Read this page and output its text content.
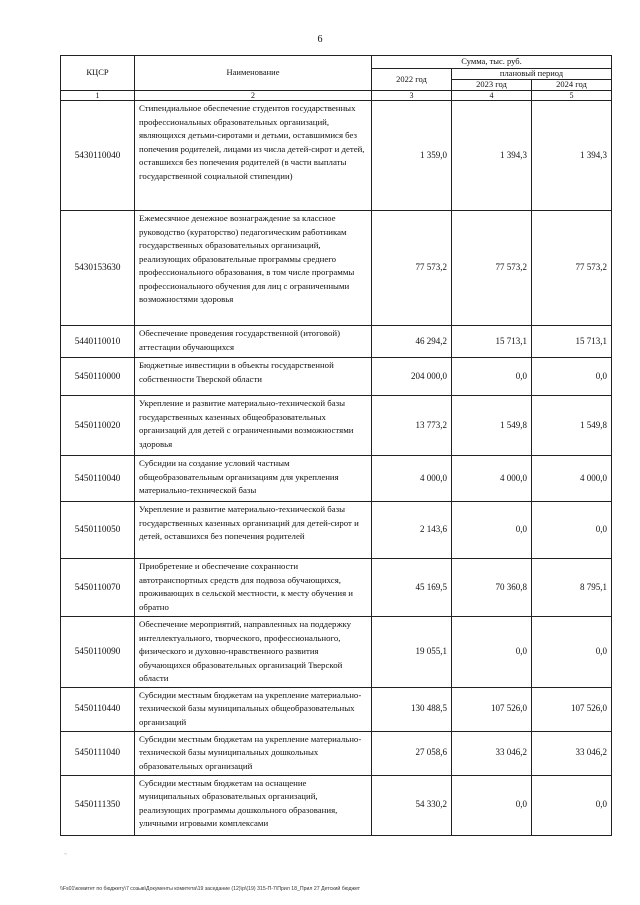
6
КЦСР	Наименование	Сумма, тыс. руб.		
		2022 год	плановый период	
			2023 год	2024 год
1	2	3	4	5
5430110040	Стипендиальное обеспечение студентов государственных профессиональных образовательных организаций, являющихся детьми-сиротами и детьми, оставшимися без попечения родителей, лицами из числа детей-сирот и детей, оставшихся без попечения родителей (в части выплаты государственной социальной стипендии)	1 359,0	1 394,3	1 394,3
5430153630	Ежемесячное денежное вознаграждение за классное руководство (кураторство) педагогическим работникам государственных образовательных организаций, реализующих образовательные программы среднего профессионального образования, в том числе программы профессионального обучения для лиц с ограниченными возможностями здоровья	77 573,2	77 573,2	77 573,2
5440110010	Обеспечение проведения государственной (итоговой) аттестации обучающихся	46 294,2	15 713,1	15 713,1
5450110000	Бюджетные инвестиции в объекты государственной собственности Тверской области	204 000,0	0,0	0,0
5450110020	Укрепление и развитие материально-технической базы государственных казенных общеобразовательных организаций для детей с ограниченными возможностями здоровья	13 773,2	1 549,8	1 549,8
5450110040	Субсидии на создание условий частным общеобразовательным организациям для укрепления материально-технической базы	4 000,0	4 000,0	4 000,0
5450110050	Укрепление и развитие материально-технической базы государственных казенных организаций для детей-сирот и детей, оставшихся без попечения родителей	2 143,6	0,0	0,0
5450110070	Приобретение и обеспечение сохранности автотранспортных средств для подвоза обучающихся, проживающих в сельской местности, к месту обучения и обратно	45 169,5	70 360,8	8 795,1
5450110090	Обеспечение мероприятий, направленных на поддержку интеллектуального, творческого, профессионального, физического и духовно-нравственного развития обучающихся образовательных организаций Тверской области	19 055,1	0,0	0,0
5450110440	Субсидии местным бюджетам на укрепление материально-технической базы муниципальных общеобразовательных организаций	130 488,5	107 526,0	107 526,0
5450111040	Субсидии местным бюджетам на укрепление материально-технической базы муниципальных дошкольных образовательных организаций	27 058,6	33 046,2	33 046,2
5450111350	Субсидии местным бюджетам на оснащение муниципальных образовательных организаций, реализующих программы дошкольного образования, уличными игровыми комплексами	54 330,2	0,0	0,0
~
\\Fs01\комитет по бюджету\7 созыв\Документы комитета\19 заседание (12)\р\(19) 315-П-7\Прил 18_Прил 27 Детский бюджет
